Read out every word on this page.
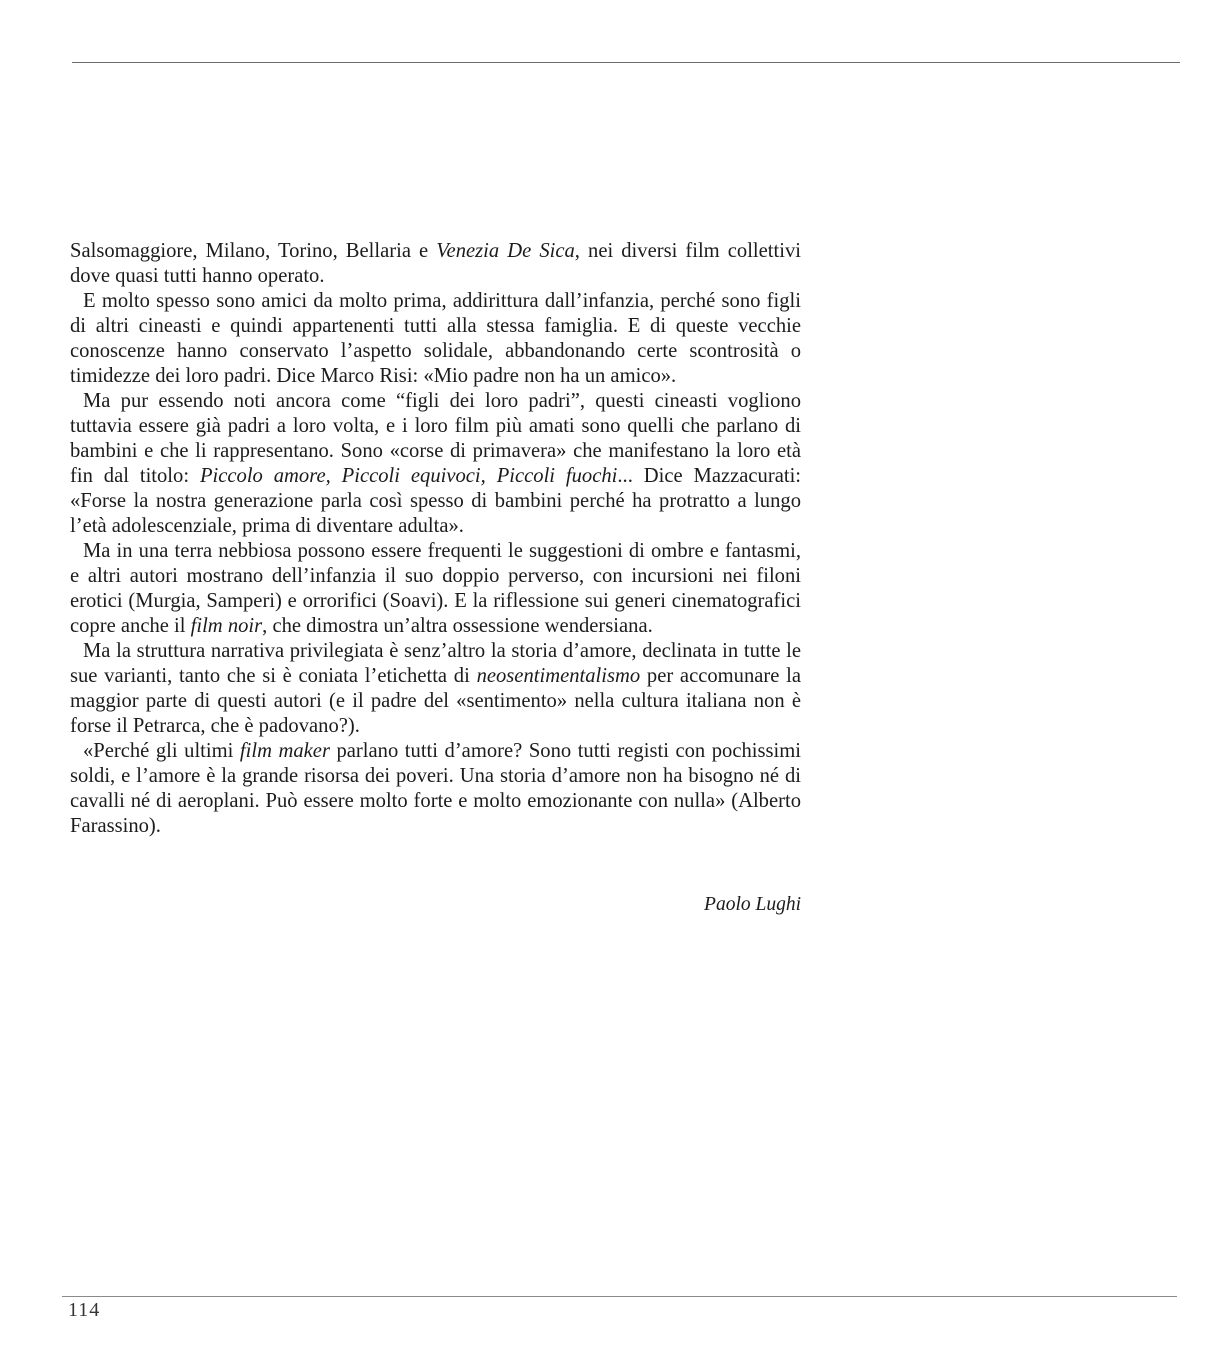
Salsomaggiore, Milano, Torino, Bellaria e Venezia De Sica, nei diversi film collettivi dove quasi tutti hanno operato.

E molto spesso sono amici da molto prima, addirittura dall’infanzia, perché sono figli di altri cineasti e quindi appartenenti tutti alla stessa famiglia. E di queste vecchie conoscenze hanno conservato l’aspetto solidale, abbandonando certe scontrosità o timidezze dei loro padri. Dice Marco Risi: «Mio padre non ha un amico».

Ma pur essendo noti ancora come “figli dei loro padri”, questi cineasti vogliono tuttavia essere già padri a loro volta, e i loro film più amati sono quelli che parlano di bambini e che li rappresentano. Sono «corse di primavera» che manifestano la loro età fin dal titolo: Piccolo amore, Piccoli equivoci, Piccoli fuochi... Dice Mazzacurati: «Forse la nostra generazione parla così spesso di bambini perché ha protratto a lungo l’età adolescenziale, prima di diventare adulta».

Ma in una terra nebbiosa possono essere frequenti le suggestioni di ombre e fantasmi, e altri autori mostrano dell’infanzia il suo doppio perverso, con incursioni nei filoni erotici (Murgia, Samperi) e orrorifici (Soavi). E la riflessione sui generi cinematografici copre anche il film noir, che dimostra un’altra ossessione wendersiana.

Ma la struttura narrativa privilegiata è senz’altro la storia d’amore, declinata in tutte le sue varianti, tanto che si è coniata l’etichetta di neosentimentalismo per accomunare la maggior parte di questi autori (e il padre del «sentimento» nella cultura italiana non è forse il Petrarca, che è padovano?).

«Perché gli ultimi film maker parlano tutti d’amore? Sono tutti registi con pochissimi soldi, e l’amore è la grande risorsa dei poveri. Una storia d’amore non ha bisogno né di cavalli né di aeroplani. Può essere molto forte e molto emozionante con nulla» (Alberto Farassino).

Paolo Lughi
114
